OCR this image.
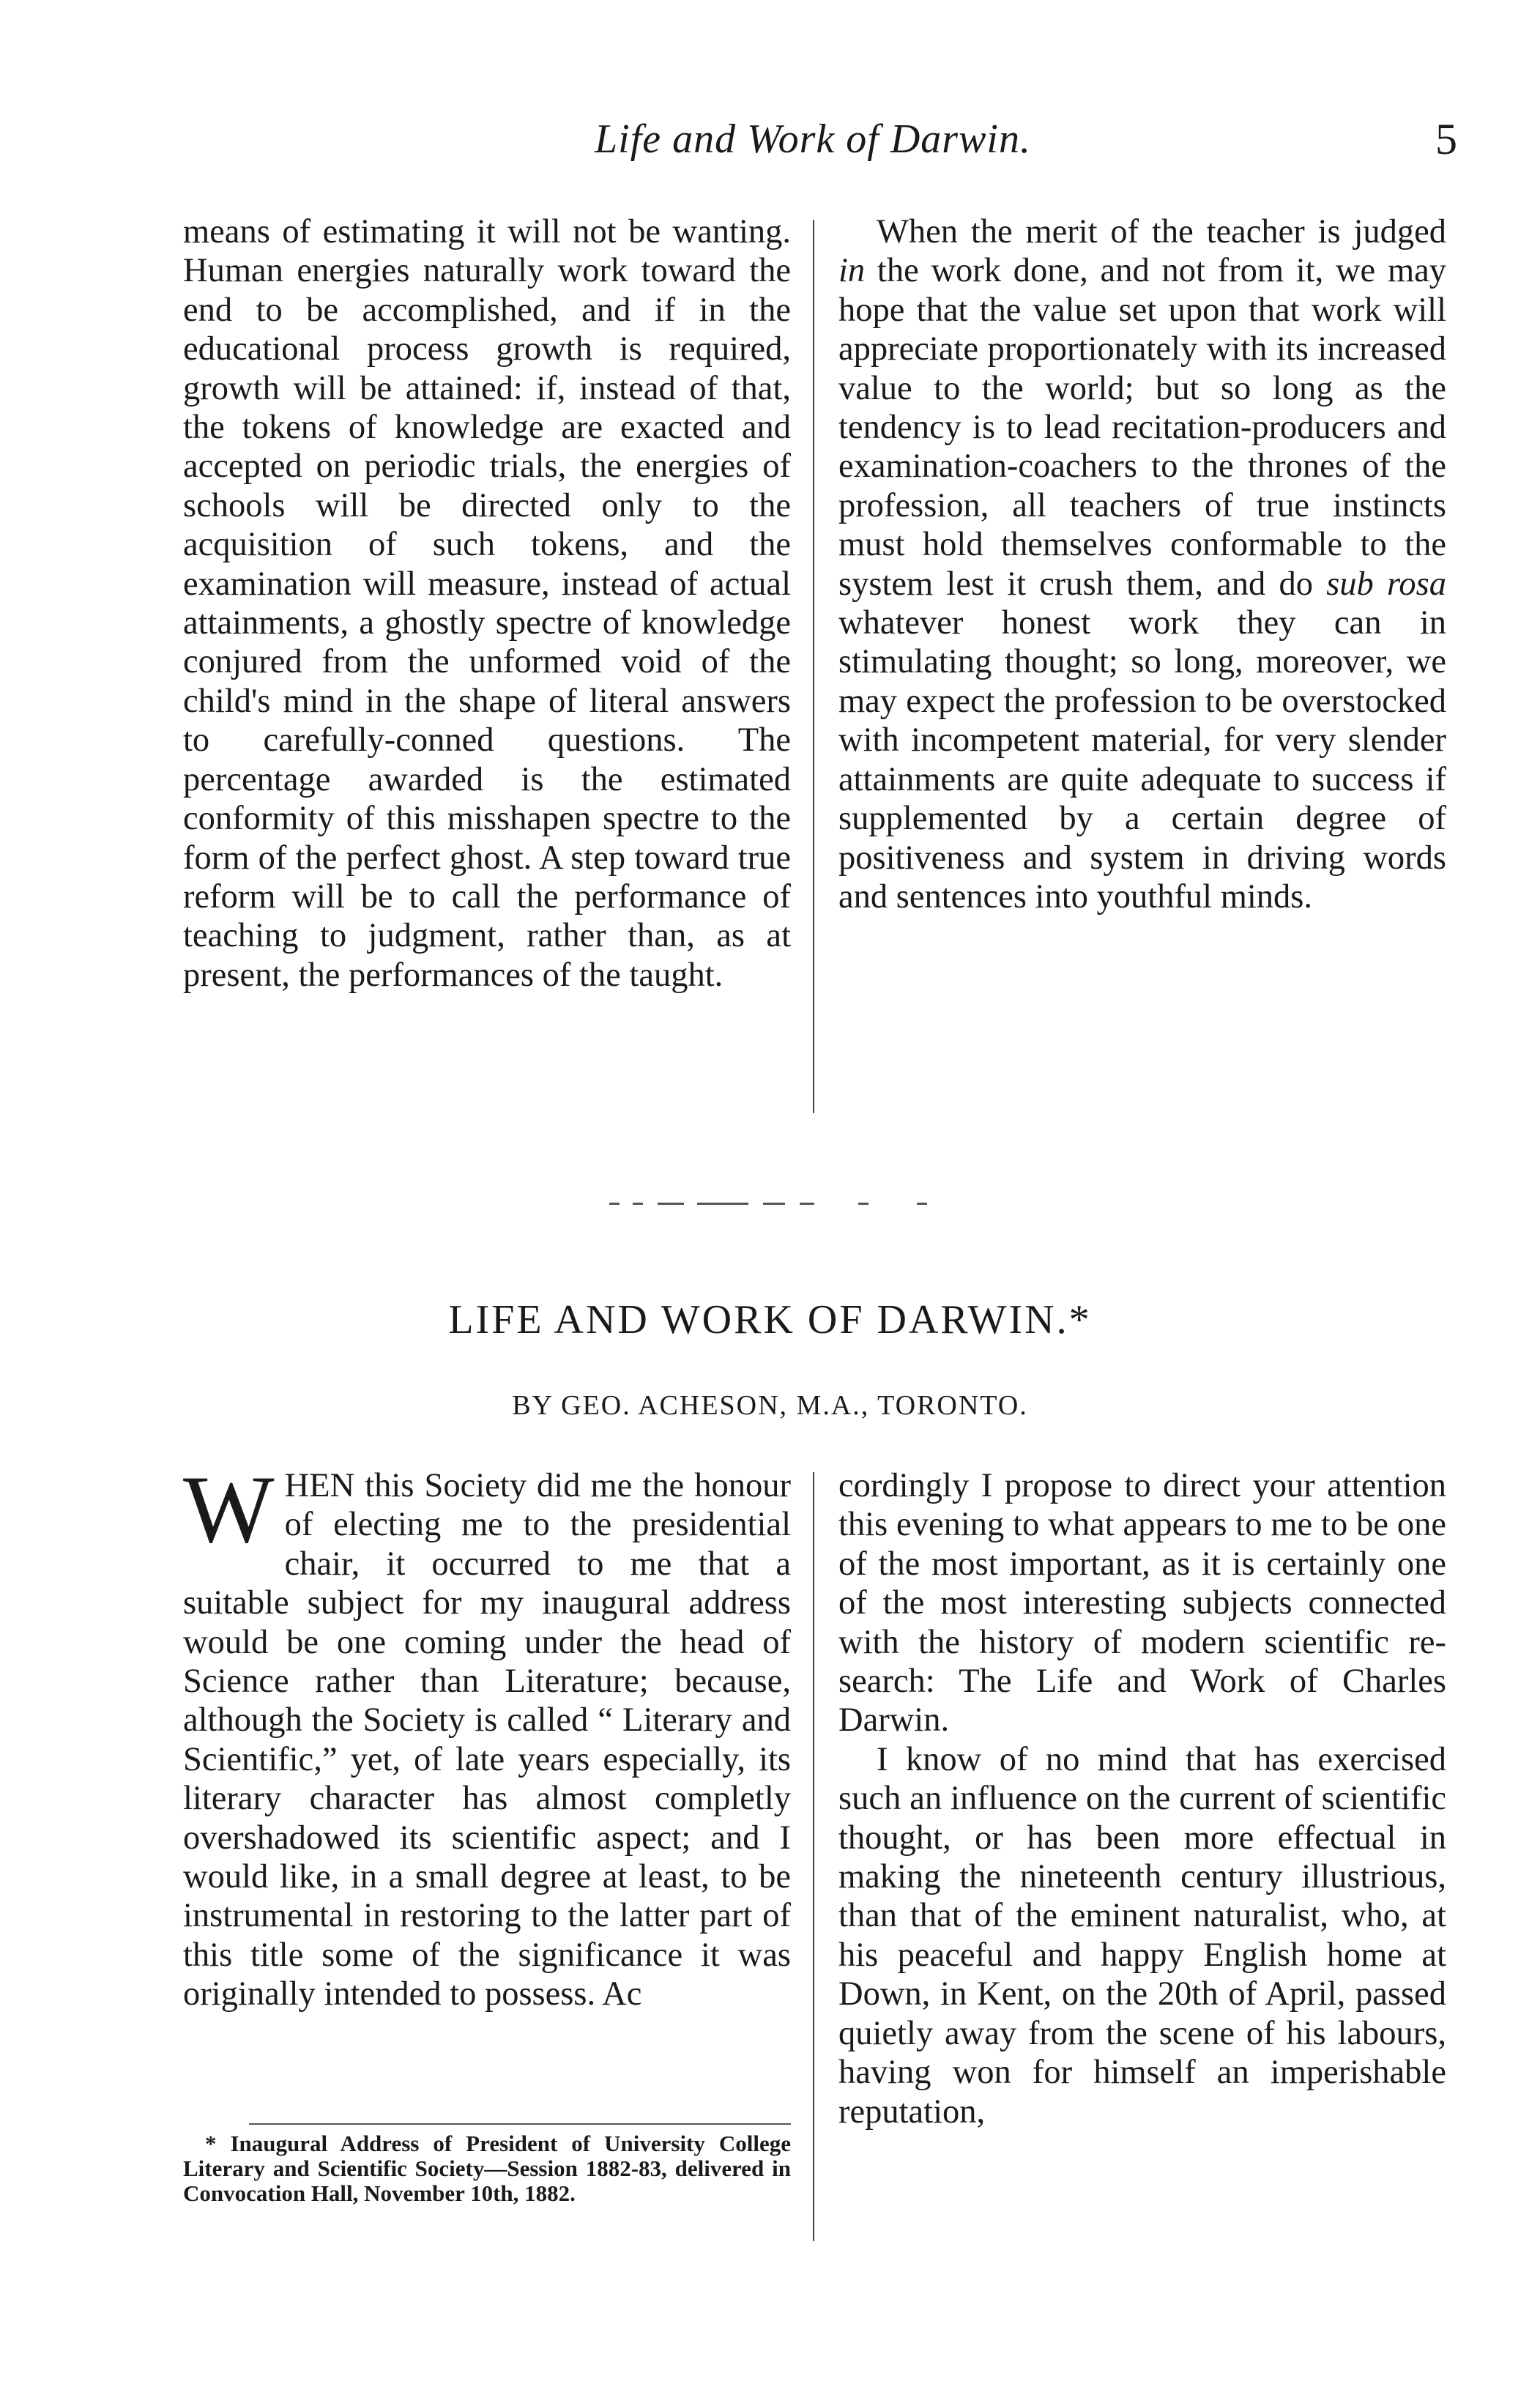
Life and Work of Darwin.	5

means of estimating it will not be wanting. Human energies naturally work toward the end to be accomplished, and if in the educational process growth is required, growth will be attained: if, instead of that, the tokens of knowledge are exacted and accepted on periodic trials, the energies of schools will be directed only to the acquisition of such tokens, and the examination will measure, instead of actual attainments, a ghostly spectre of knowledge conjured from the unformed void of the child's mind in the shape of literal answers to carefully-conned questions. The percentage awarded is the estimated conformity of this misshapen spectre to the form of the perfect ghost. A step toward true reform will be to call the performance of teaching to judgment, rather than, as at present, the performances of the taught.

When the merit of the teacher is judged in the work done, and not from it, we may hope that the value set upon that work will appreciate proportionately with its increased value to the world; but so long as the tendency is to lead recitation-producers and examination-coachers to the thrones of the profession, all teachers of true instincts must hold themselves conformable to the system lest it crush them, and do sub rosa whatever honest work they can in stimulating thought; so long, moreover, we may expect the profession to be overstocked with incompetent material, for very slender attainments are quite adequate to success if supplemented by a certain degree of positiveness and system in driving words and sentences into youthful minds.

LIFE AND WORK OF DARWIN.*
BY GEO. ACHESON, M.A., TORONTO.

WHEN this Society did me the honour of electing me to the presidential chair, it occurred to me that a suitable subject for my inaugural address would be one coming under the head of Science rather than Literature; because, although the Society is called “ Literary and Scientific,” yet, of late years especially, its literary character has almost completly overshadowed its scientific aspect; and I would like, in a small degree at least, to be instrumental in restoring to the latter part of this title some of the significance it was originally intended to possess. Ac

cordingly I propose to direct your attention this evening to what appears to me to be one of the most important, as it is certainly one of the most interesting subjects connected with the history of modern scientific research: The Life and Work of Charles Darwin.

I know of no mind that has exercised such an influence on the current of scientific thought, or has been more effectual in making the nineteenth century illustrious, than that of the eminent naturalist, who, at his peaceful and happy English home at Down, in Kent, on the 20th of April, passed quietly away from the scene of his labours, having won for himself an imperishable reputation,

* Inaugural Address of President of University College Literary and Scientific Society—Session 1882-83, delivered in Convocation Hall, November 10th, 1882.
